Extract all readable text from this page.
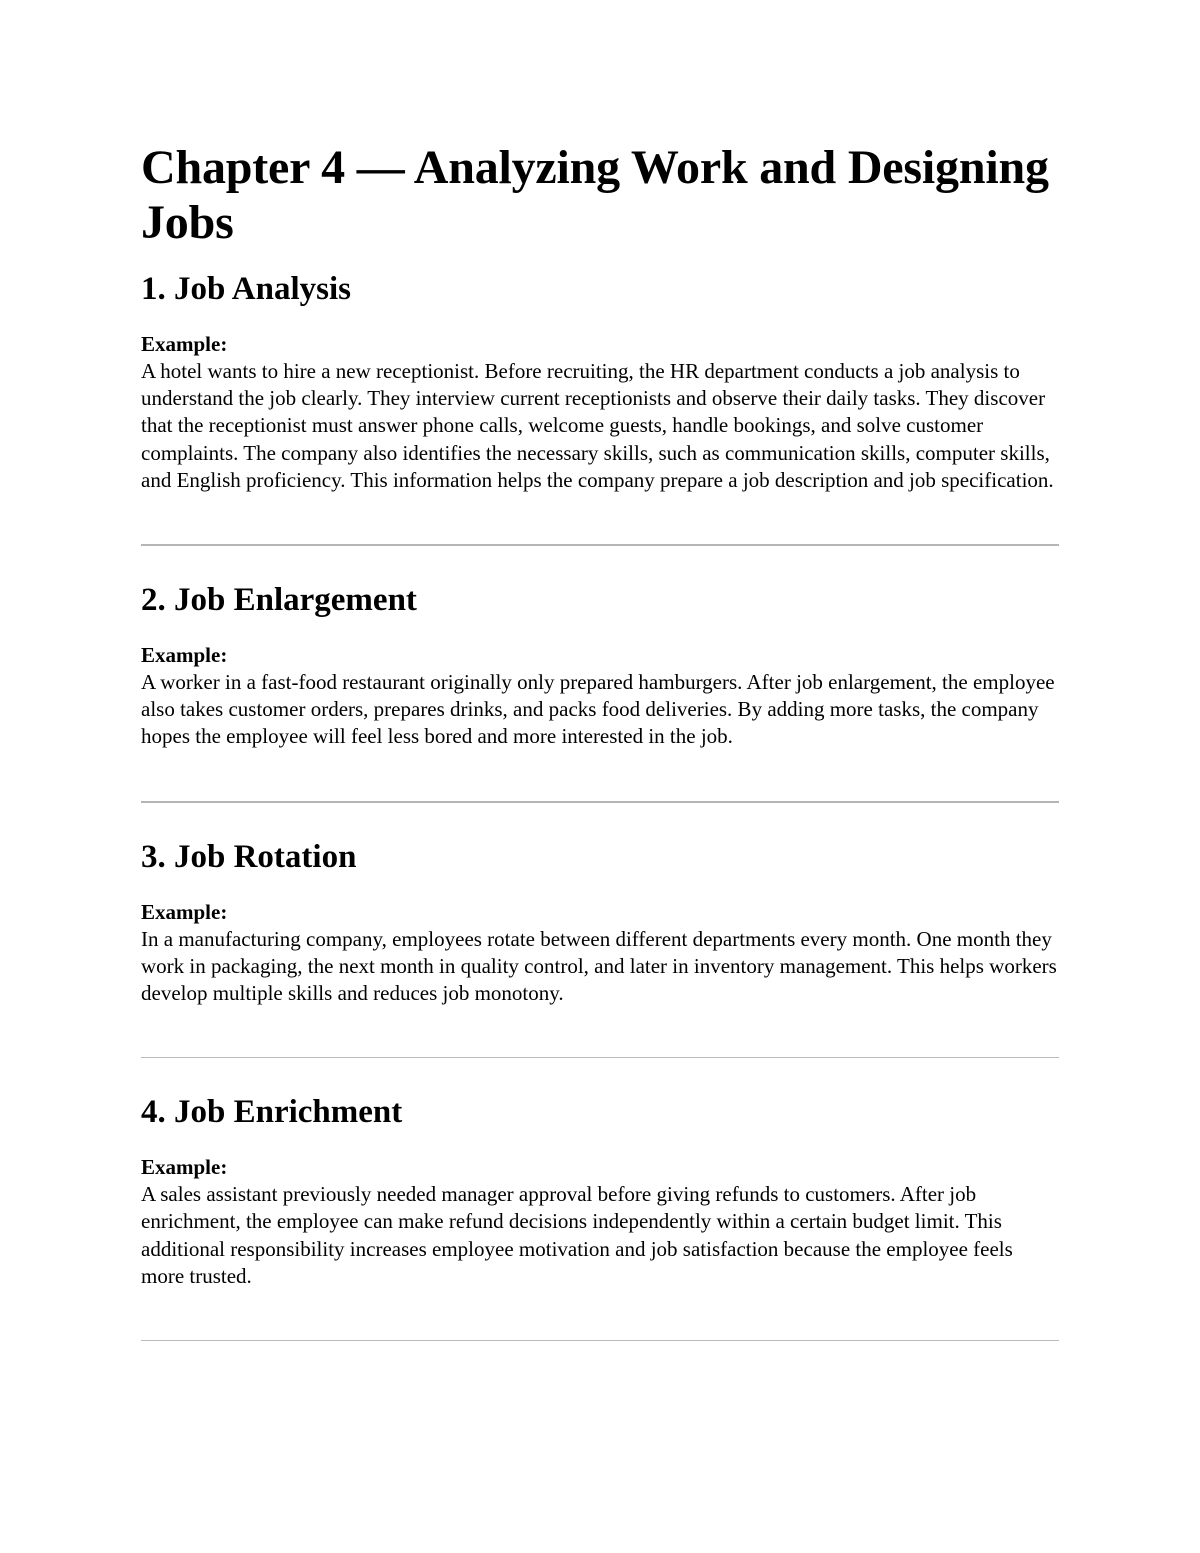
Chapter 4 — Analyzing Work and Designing Jobs
1. Job Analysis

Example:

A hotel wants to hire a new receptionist. Before recruiting, the HR department conducts a job analysis to understand the job clearly. They interview current receptionists and observe their daily tasks. They discover that the receptionist must answer phone calls, welcome guests, handle bookings, and solve customer complaints. The company also identifies the necessary skills, such as communication skills, computer skills, and English proficiency. This information helps the company prepare a job description and job specification.

2. Job Enlargement

Example:

A worker in a fast-food restaurant originally only prepared hamburgers. After job enlargement, the employee also takes customer orders, prepares drinks, and packs food deliveries. By adding more tasks, the company hopes the employee will feel less bored and more interested in the job.

3. Job Rotation

Example:

In a manufacturing company, employees rotate between different departments every month. One month they work in packaging, the next month in quality control, and later in inventory management. This helps workers develop multiple skills and reduces job monotony.

4. Job Enrichment

Example:

A sales assistant previously needed manager approval before giving refunds to customers. After job enrichment, the employee can make refund decisions independently within a certain budget limit. This additional responsibility increases employee motivation and job satisfaction because the employee feels more trusted.
